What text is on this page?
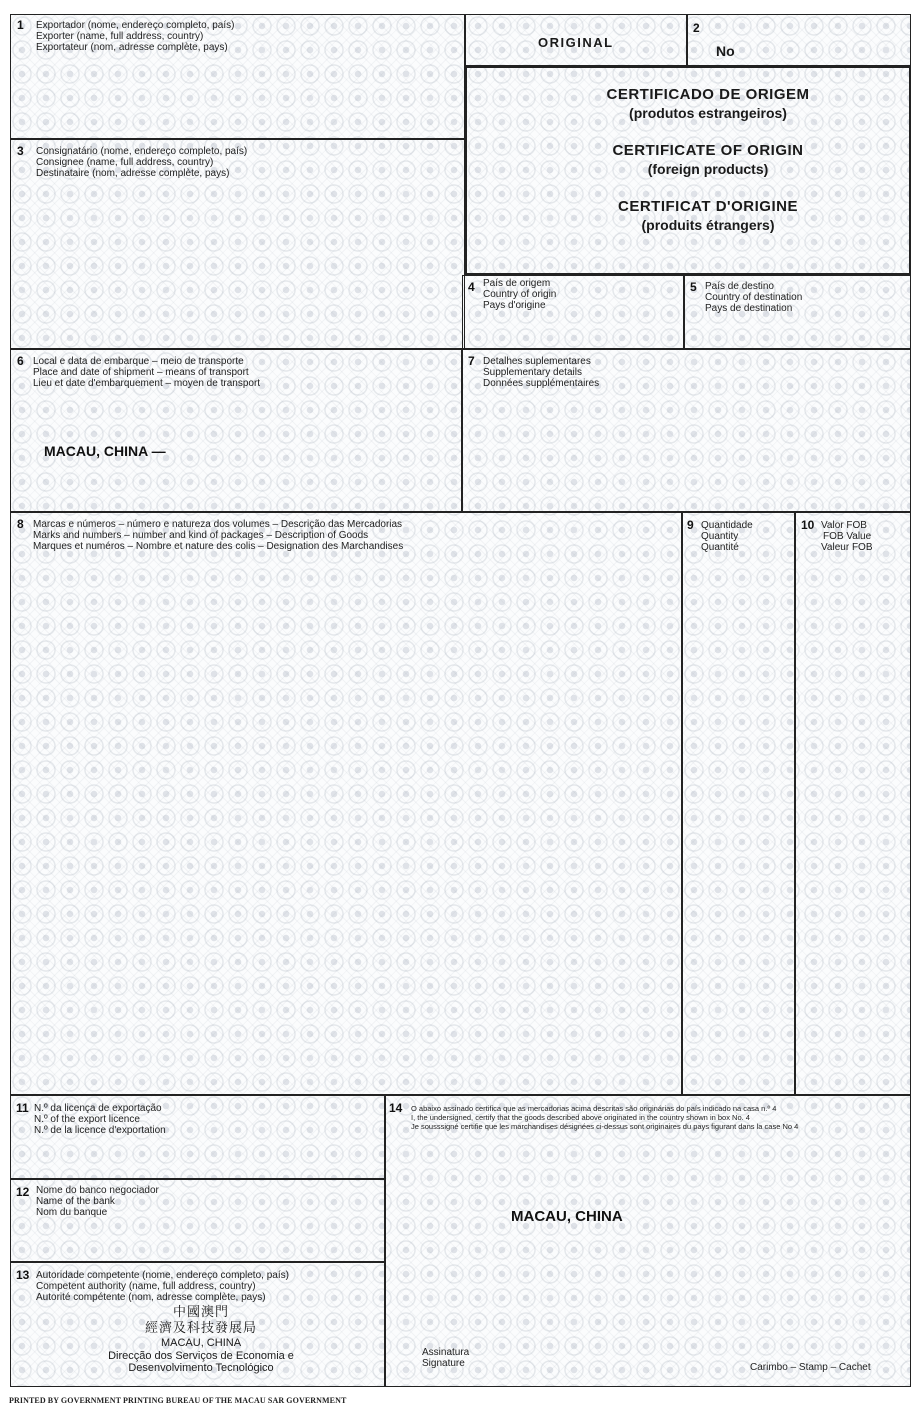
1 Exportador (nome, endereço completo, país)
Exporter (name, full address, country)
Exportateur (nom, adresse complète, pays)	ORIGINAL
2
No
CERTIFICADO DE ORIGEM
(produtos estrangeiros)
CERTIFICATE OF ORIGIN
(foreign products)
CERTIFICAT D'ORIGINE
(produits étrangers)
3 Consignatário (nome, endereço completo, país)
Consignee (name, full address, country)
Destinataire (nom, adresse complète, pays)
4 País de origem
Country of origin
Pays d'origine
5 País de destino
Country of destination
Pays de destination
6 Local e data de embarque – meio de transporte
Place and date of shipment – means of transport
Lieu et date d'embarquement – moyen de transport
MACAU, CHINA —
7 Detalhes suplementares
Supplementary details
Données supplémentaires
8 Marcas e números – número e natureza dos volumes – Descrição das Mercadorias
Marks and numbers – number and kind of packages – Description of Goods
Marques et numéros – Nombre et nature des colis – Designation des Marchandises
9 Quantidade
Quantity
Quantité
10 Valor FOB
FOB Value
Valeur FOB
11 N.º da licença de exportação
N.º of the export licence
N.º de la licence d'exportation
12 Nome do banco negociador
Name of the bank
Nom du banque
13 Autoridade competente (nome, endereço completo, país)
Competent authority (name, full address, country)
Autorité compétente (nom, adresse complète, pays)
中國澳門
經濟及科技發展局
MACAU, CHINA
Direcção dos Serviços de Economia e
Desenvolvimento Tecnológico
14 O abaixo assinado certifica que as mercadorias acima descritas são originárias do país indicado na casa n.º 4
I, the undersigned, certify that the goods described above originated in the country shown in box No. 4
Je sousssigné certifie que les marchandises désignées ci-dessus sont originaires du pays figurant dans la case No 4
MACAU, CHINA
Assinatura
Signature	Carimbo – Stamp – Cachet
PRINTED BY GOVERNMENT PRINTING BUREAU OF THE MACAU SAR GOVERNMENT
